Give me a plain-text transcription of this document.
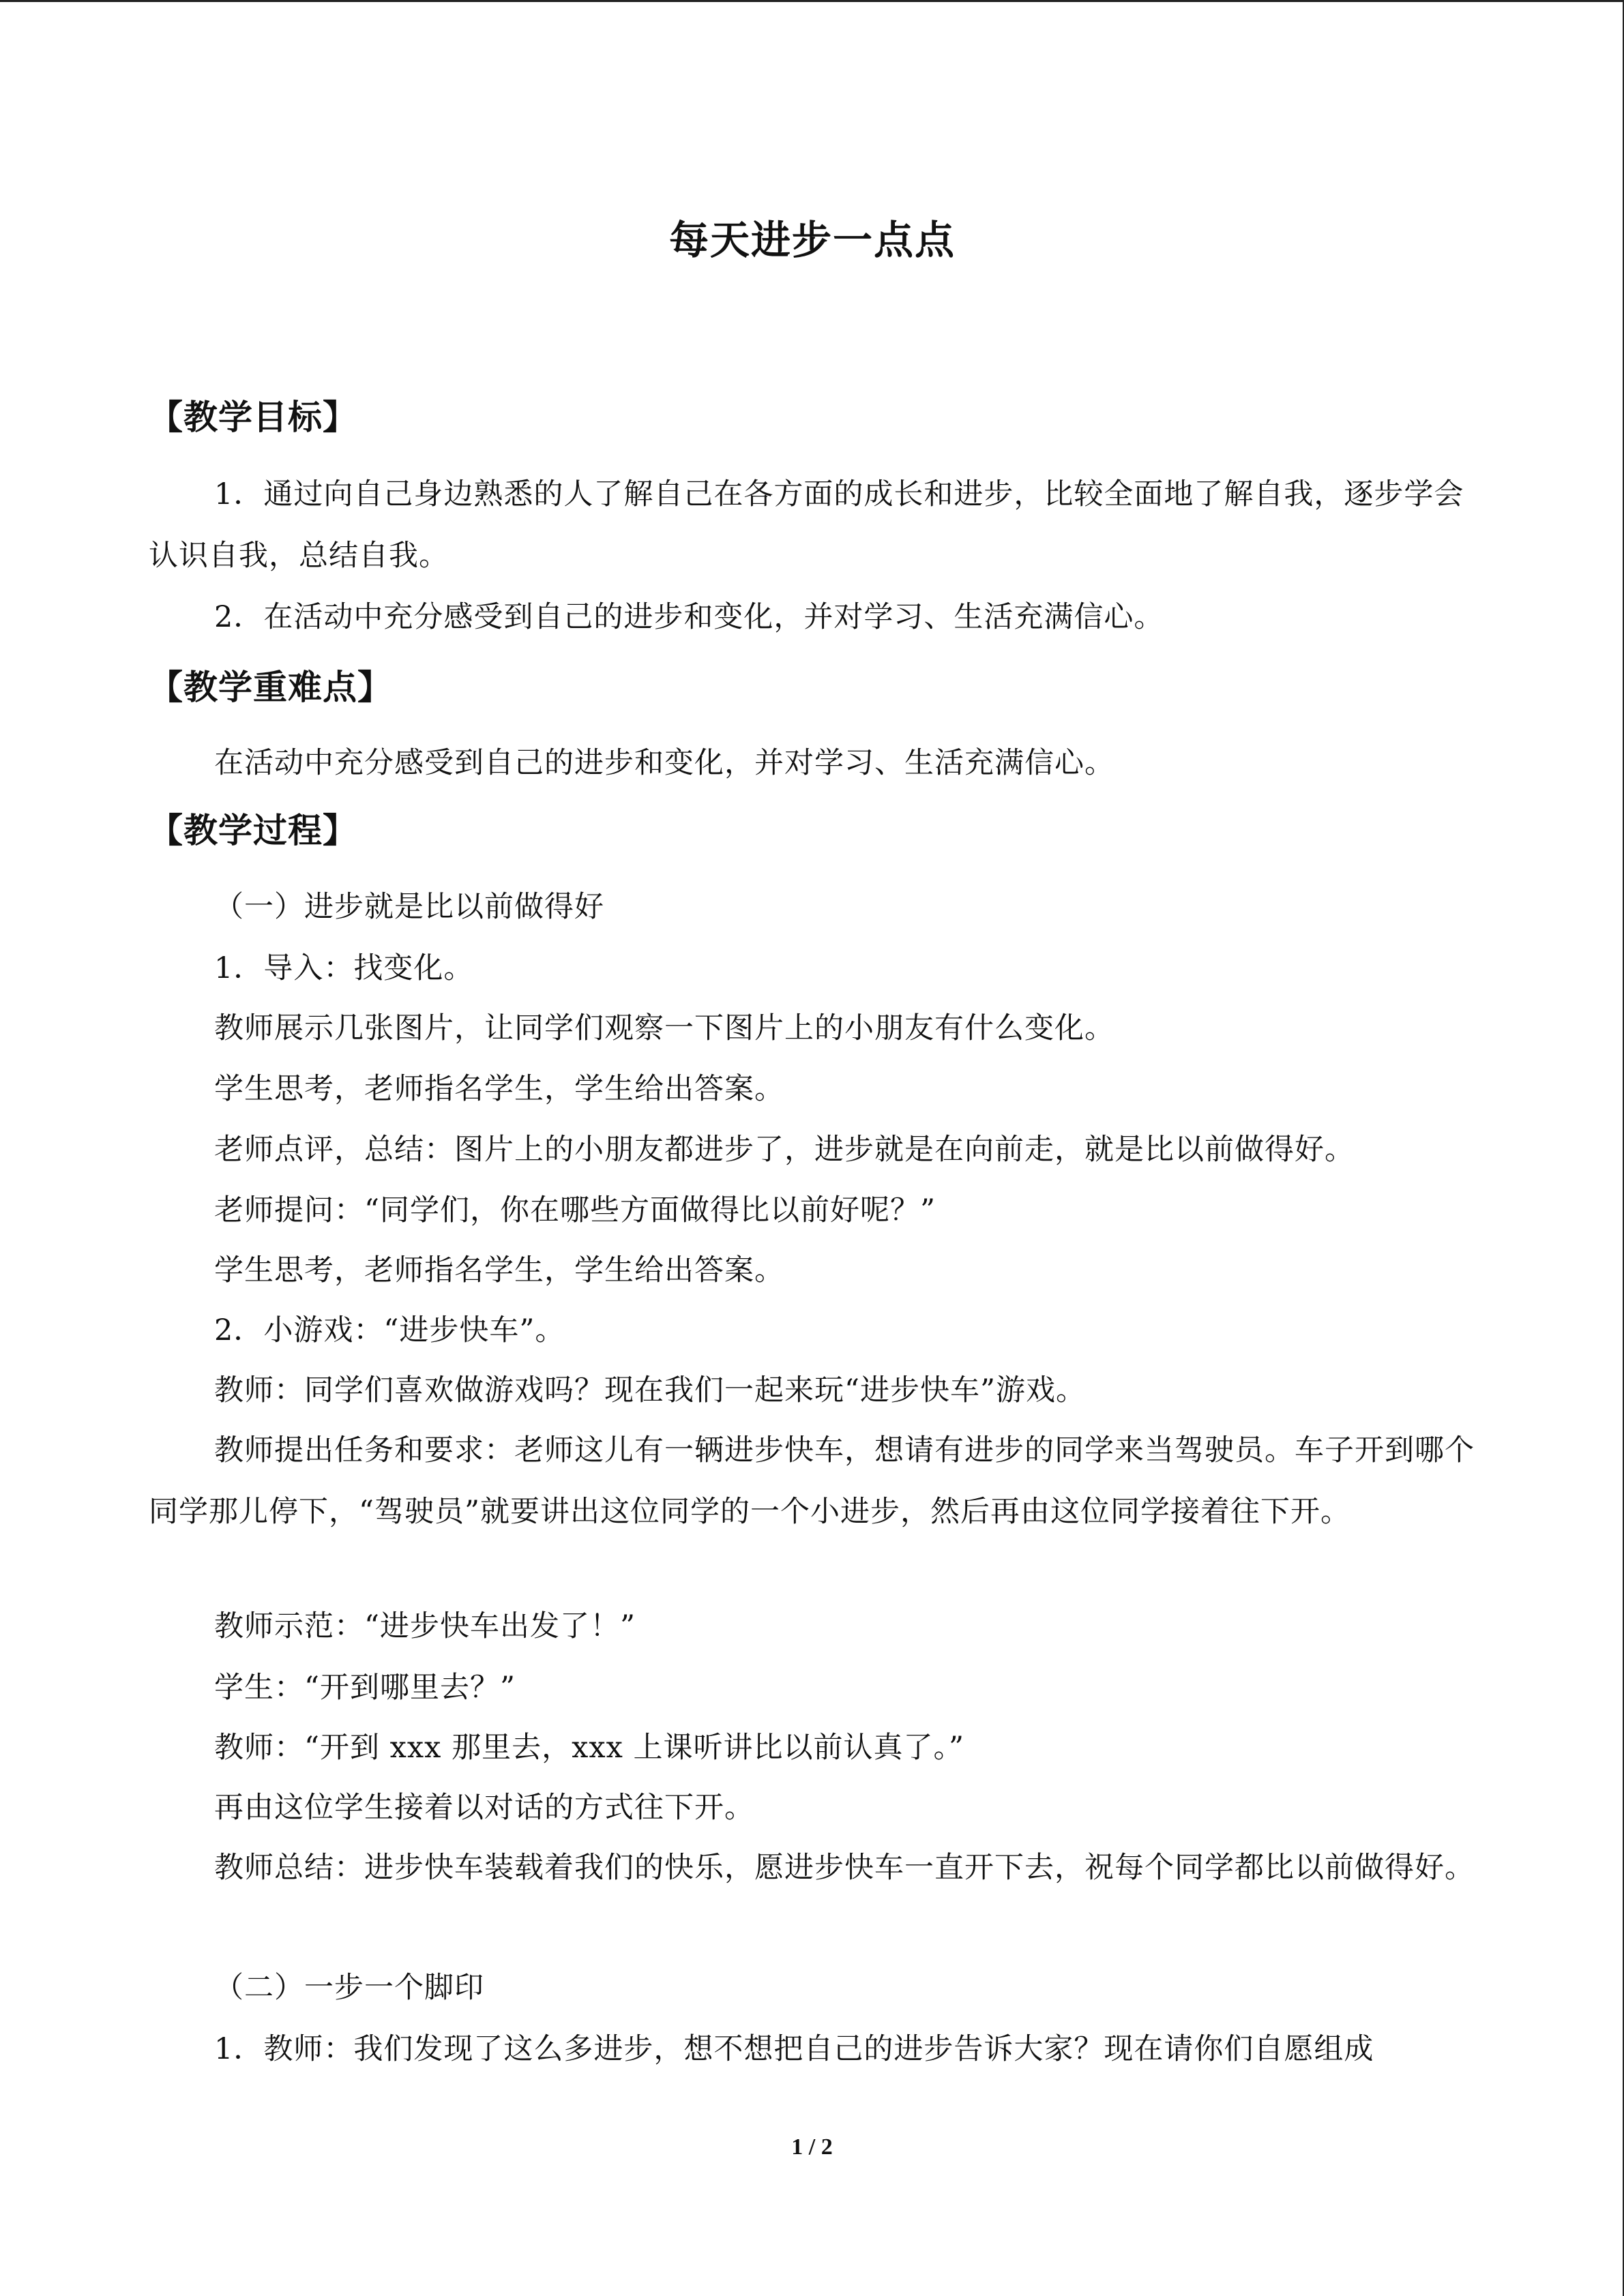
每天进步一点点
【教学目标】
1．通过向自己身边熟悉的人了解自己在各方面的成长和进步，比较全面地了解自我，逐步学会认识自我，总结自我。
2．在活动中充分感受到自己的进步和变化，并对学习、生活充满信心。
【教学重难点】
在活动中充分感受到自己的进步和变化，并对学习、生活充满信心。
【教学过程】
（一）进步就是比以前做得好
1．导入：找变化。
教师展示几张图片，让同学们观察一下图片上的小朋友有什么变化。
学生思考，老师指名学生，学生给出答案。
老师点评，总结：图片上的小朋友都进步了，进步就是在向前走，就是比以前做得好。
老师提问：“同学们，你在哪些方面做得比以前好呢？”
学生思考，老师指名学生，学生给出答案。
2．小游戏：“进步快车”。
教师：同学们喜欢做游戏吗？现在我们一起来玩“进步快车”游戏。
教师提出任务和要求：老师这儿有一辆进步快车，想请有进步的同学来当驾驶员。车子开到哪个同学那儿停下，“驾驶员”就要讲出这位同学的一个小进步，然后再由这位同学接着往下开。
教师示范：“进步快车出发了！”
学生：“开到哪里去？”
教师：“开到 xxx 那里去，xxx 上课听讲比以前认真了。”
再由这位学生接着以对话的方式往下开。
教师总结：进步快车装载着我们的快乐，愿进步快车一直开下去，祝每个同学都比以前做得好。
（二）一步一个脚印
1．教师：我们发现了这么多进步，想不想把自己的进步告诉大家？现在请你们自愿组成
1 / 2
